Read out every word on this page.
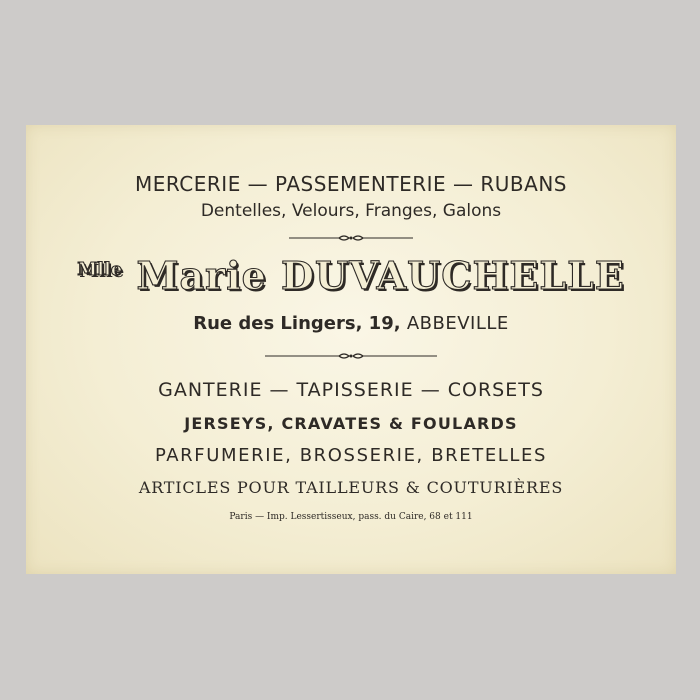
MERCERIE — PASSEMENTERIE — RUBANS
Dentelles, Velours, Franges, Galons
$^{Mlle}$ Marie DUVAUCHELLE
Rue des Lingers, 19, ABBEVILLE
GANTERIE — TAPISSERIE — CORSETS
JERSEYS, CRAVATES & FOULARDS
PARFUMERIE, BROSSERIE, BRETELLES
ARTICLES POUR TAILLEURS & COUTURIÈRES
Paris — Imp. Lessertisseux, pass. du Caire, 68 et 111
